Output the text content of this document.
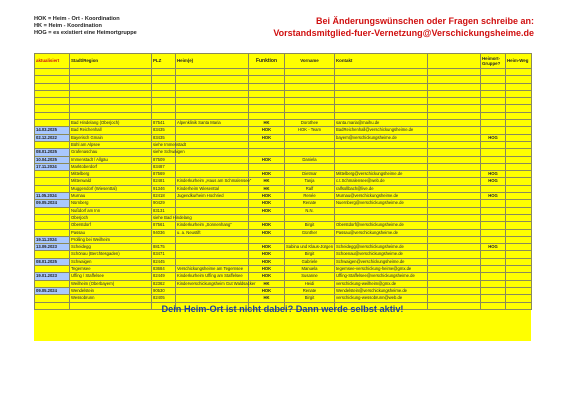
HOK = Heim - Ort - Koordination
HK = Heim - Koordination
HOG = es existiert eine Heimortgruppe
Bei Änderungswünschen oder Fragen schreibe an:
Vorstandsmitglied-fuer-Vernetzung@Verschickungsheime.de
aktualisiert	Stadt/Region	PLZ	Heim(e)	Funktion	Vorname	Kontakt		Heimort-Gruppe?	Heim-Weg

	Bad Hindelang (Oberjoch)	87541	Alpenklinik Santa Maria	HK	Dorothee	santa.maria@maihu.de			
14.03.2025	Bad Reichenhall	83435		HOK	HOK - Team	BadReichenhall@verschickungsheime.de			
02.12.2022	Bayerisch Gmain	83435		HOK		bayern@verschickungsheime.de		HOG	
	Bühl am Alpsee	siehe Immenstadt							
08.01.2025	Grafenaschau	siehe Schwaigen							
10.04.2025	Immenstadt / Allgäu	87509		HOK	Daniela				
17.11.2024	Marktoberdorf	83487							
	Mittelberg	87569		HOK	Dietmar	Mittelberg@verschickungsheime.de		HOG	
	Mittenwald	82481	Kinderkurheim „Haus am Schmalensee“	HK	Tanja	c.t.Schmalensee@web.de		HOG	
	Muggendorf (Wiesenttal)	91346	Kinderheim Wiesenttal	HK	Ralf	ralfsollbach@live.de			
11.05.2024	Murnau	82418	Jugendkurheim Hochried	HOK	Renée	Murnau@verschickungsheime.de		HOG	
09.05.2024	Nürnberg	90429		HOK	Renate	Nuernberg@verschickungsheime.de			
	Nußdorf am Inn	83131		HOK	N.N.				
	Oberjoch	siehe Bad Hindelang							
	Oberstdorf	87561	Kinderkurheim „Sonnenhang“	HOK	Birgit	Oberstdorf@verschickungsheime.de			
	Passau	94036	u. a. Neustift	HOK	Günther	Passau@verschickungsheime.de			
19.11.2024	Prolling bei Weilheim								
13.09.2023	Scheidegg	88175		HOK	Sabina und Klaus-Jürgen	Scheidegg@verschickungsheime.de		HOG	
	Schönau (Berchtesgaden)	83471		HOK	Birgit	Schoenau@verschickungsheime.de			
08.01.2025	Schwaigen	82445		HOK	Gabriele	Schwaigen@verschickungsheime.de			
	Tegernsee	83684	Verschickungsheime am Tegernsee	HOK	Manuela	tegernsee-verschickung-heime@gmx.de			
19.01.2023	Uffing / Staffelsee	82449	Kinderkurheim Uffing am Staffelsee	HOK	Susanne	Uffing-Staffelsee@verschickungsheime.de			
	Weilheim (Oberbayern)	82362	Kinderverschickungsheim Gut Waldsacker	HK	Heidi	verschickung-weilheim@gmx.de			
09.05.2024	Wendelstein	90530		HOK	Renate	Wendelstein@verschickungsheime.de			
	Wessobrunn	82405		HK	Birgit	verschickung-wessobrunn@web.de			

Dein Heim-Ort ist nicht dabei? Dann werde selbst aktiv!
